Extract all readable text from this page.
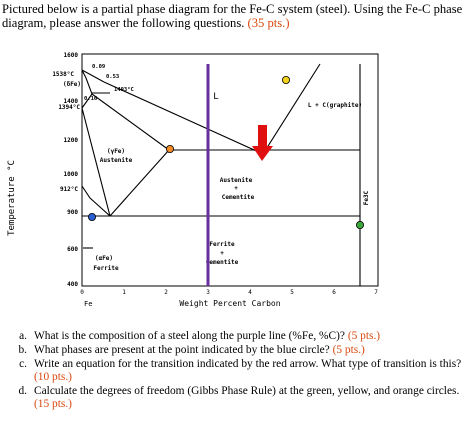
Pictured below is a partial phase diagram for the Fe-C system (steel). Using the Fe-C phase diagram, please answer the following questions. (35 pts.)
Temperature °C
1600
1538°C
1400
1394°C
1200
1000
912°C
900
600
400
0	1	2	3	4	5	6	7
Fe	Weight Percent Carbon
0.09
0.53
0.16
1493°C
(δFe)
L
L + C(graphite)
(γFe)
Austenite
Austenite
+
Cementite
(αFe)
Ferrite
Ferrite
+
Cementite
Fe3C
a. What is the composition of a steel along the purple line (%Fe, %C)? (5 pts.)
b. What phases are present at the point indicated by the blue circle? (5 pts.)
c. Write an equation for the transition indicated by the red arrow. What type of transition is this? (10 pts.)
d. Calculate the degrees of freedom (Gibbs Phase Rule) at the green, yellow, and orange circles. (15 pts.)
